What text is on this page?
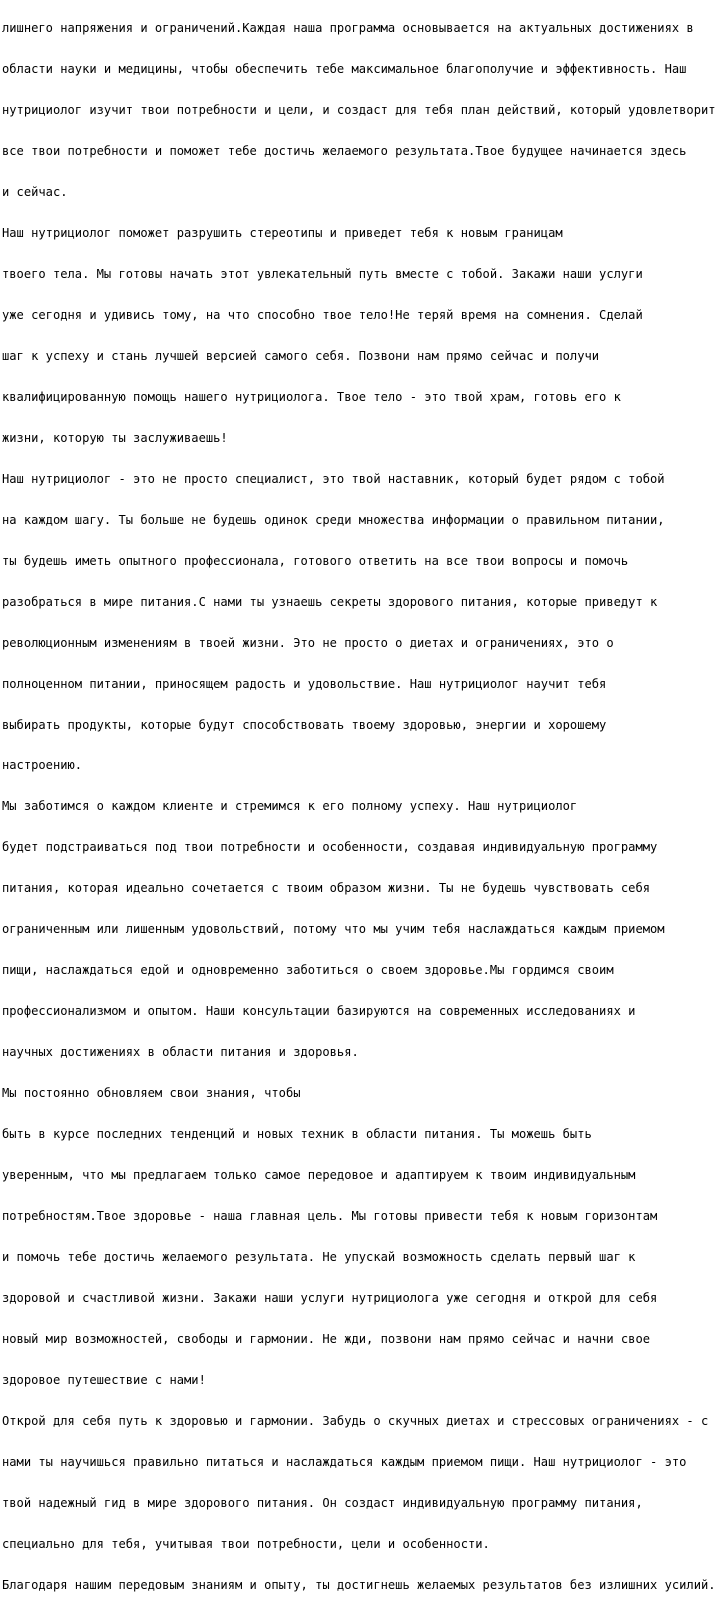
лишнего напряжения и ограничений.Каждая наша программа основывается на актуальных достижениях в

области науки и медицины, чтобы обеспечить тебе максимальное благополучие и эффективность. Наш

нутрициолог изучит твои потребности и цели, и создаст для тебя план действий, который удовлетворит

все твои потребности и поможет тебе достичь желаемого результата.Твое будущее начинается здесь

и сейчас.

Наш нутрициолог поможет разрушить стереотипы и приведет тебя к новым границам

твоего тела. Мы готовы начать этот увлекательный путь вместе с тобой. Закажи наши услуги

уже сегодня и удивись тому, на что способно твое тело!Не теряй время на сомнения. Сделай

шаг к успеху и стань лучшей версией самого себя. Позвони нам прямо сейчас и получи

квалифицированную помощь нашего нутрициолога. Твое тело - это твой храм, готовь его к

жизни, которую ты заслуживаешь!

Наш нутрициолог - это не просто специалист, это твой наставник, который будет рядом с тобой

на каждом шагу. Ты больше не будешь одинок среди множества информации о правильном питании,

ты будешь иметь опытного профессионала, готового ответить на все твои вопросы и помочь

разобраться в мире питания.С нами ты узнаешь секреты здорового питания, которые приведут к

революционным изменениям в твоей жизни. Это не просто о диетах и ограничениях, это о

полноценном питании, приносящем радость и удовольствие. Наш нутрициолог научит тебя

выбирать продукты, которые будут способствовать твоему здоровью, энергии и хорошему

настроению.

Мы заботимся о каждом клиенте и стремимся к его полному успеху. Наш нутрициолог

будет подстраиваться под твои потребности и особенности, создавая индивидуальную программу

питания, которая идеально сочетается с твоим образом жизни. Ты не будешь чувствовать себя

ограниченным или лишенным удовольствий, потому что мы учим тебя наслаждаться каждым приемом

пищи, наслаждаться едой и одновременно заботиться о своем здоровье.Мы гордимся своим

профессионализмом и опытом. Наши консультации базируются на современных исследованиях и

научных достижениях в области питания и здоровья.

Мы постоянно обновляем свои знания, чтобы

быть в курсе последних тенденций и новых техник в области питания. Ты можешь быть

уверенным, что мы предлагаем только самое передовое и адаптируем к твоим индивидуальным

потребностям.Твое здоровье - наша главная цель. Мы готовы привести тебя к новым горизонтам

и помочь тебе достичь желаемого результата. Не упускай возможность сделать первый шаг к

здоровой и счастливой жизни. Закажи наши услуги нутрициолога уже сегодня и открой для себя

новый мир возможностей, свободы и гармонии. Не жди, позвони нам прямо сейчас и начни свое

здоровое путешествие с нами!

Открой для себя путь к здоровью и гармонии. Забудь о скучных диетах и стрессовых ограничениях - с

нами ты научишься правильно питаться и наслаждаться каждым приемом пищи. Наш нутрициолог - это

твой надежный гид в мире здорового питания. Он создаст индивидуальную программу питания,

специально для тебя, учитывая твои потребности, цели и особенности.

Благодаря нашим передовым знаниям и опыту, ты достигнешь желаемых результатов без излишних усилий.
